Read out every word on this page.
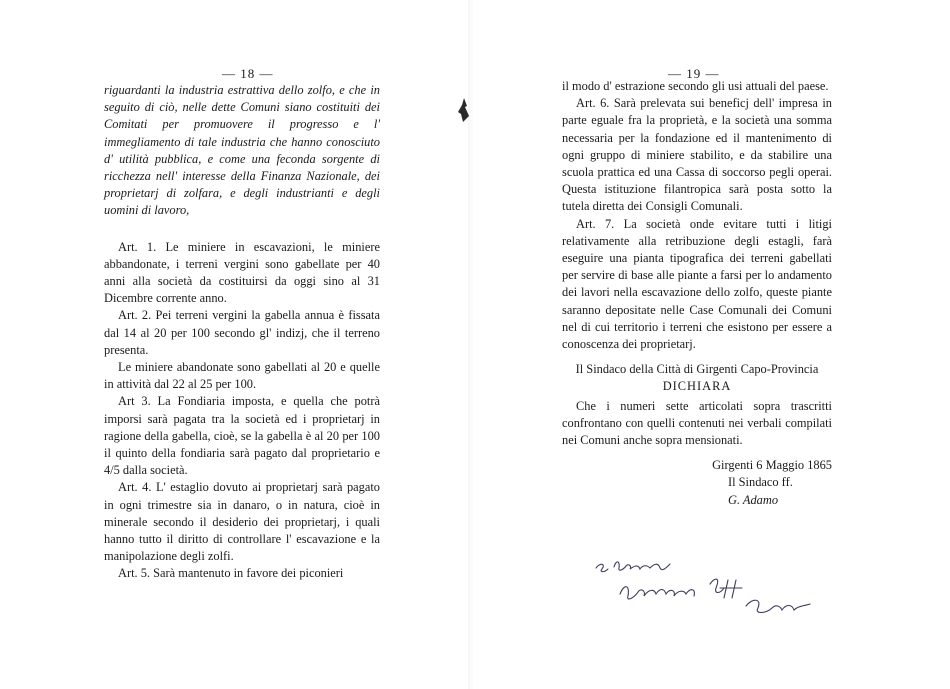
— 18 —

riguardanti la industria estrattiva dello zolfo, e che in seguito di ciò, nelle dette Comuni siano costituiti dei Comitati per promuovere il progresso e l' immegliamento di tale industria che hanno conosciuto d' utilità pubblica, e come una feconda sorgente di ricchezza nell' interesse della Finanza Nazionale, dei proprietarj di zolfara, e degli industrianti e degli uomini di lavoro,

Art. 1. Le miniere in escavazioni, le miniere abbandonate, i terreni vergini sono gabellate per 40 anni alla società da costituirsi da oggi sino al 31 Dicembre corrente anno.

Art. 2. Pei terreni vergini la gabella annua è fissata dal 14 al 20 per 100 secondo gl' indizj, che il terreno presenta.

Le miniere abandonate sono gabellati al 20 e quelle in attività dal 22 al 25 per 100.

Art 3. La Fondiaria imposta, e quella che potrà imporsi sarà pagata tra la società ed i proprietarj in ragione della gabella, cioè, se la gabella è al 20 per 100 il quinto della fondiaria sarà pagato dal proprietario e 4/5 dalla società.

Art. 4. L' estaglio dovuto ai proprietarj sarà pagato in ogni trimestre sia in danaro, o in natura, cioè in minerale secondo il desiderio dei proprietarj, i quali hanno tutto il diritto di controllare l' escavazione e la manipolazione degli zolfi.

Art. 5. Sarà mantenuto in favore dei piconieri

— 19 —

il modo d' estrazione secondo gli usi attuali del paese.

Art. 6. Sarà prelevata sui beneficj dell' impresa in parte eguale fra la proprietà, e la società una somma necessaria per la fondazione ed il mantenimento di ogni gruppo di miniere stabilito, e da stabilire una scuola prattica ed una Cassa di soccorso pegli operai. Questa istituzione filantropica sarà posta sotto la tutela diretta dei Consigli Comunali.

Art. 7. La società onde evitare tutti i litigi relativamente alla retribuzione degli estagli, farà eseguire una pianta tipografica dei terreni gabellati per servire di base alle piante a farsi per lo andamento dei lavori nella escavazione dello zolfo, queste piante saranno depositate nelle Case Comunali dei Comuni nel di cui territorio i terreni che esistono per essere a conoscenza dei proprietarj.

Il Sindaco della Città di Girgenti Capo-Provincia

DICHIARA

Che i numeri sette articolati sopra trascritti confrontano con quelli contenuti nei verbali compilati nei Comuni anche sopra mensionati.

Girgenti 6 Maggio 1865

Il Sindaco ff.

G. Adamo
